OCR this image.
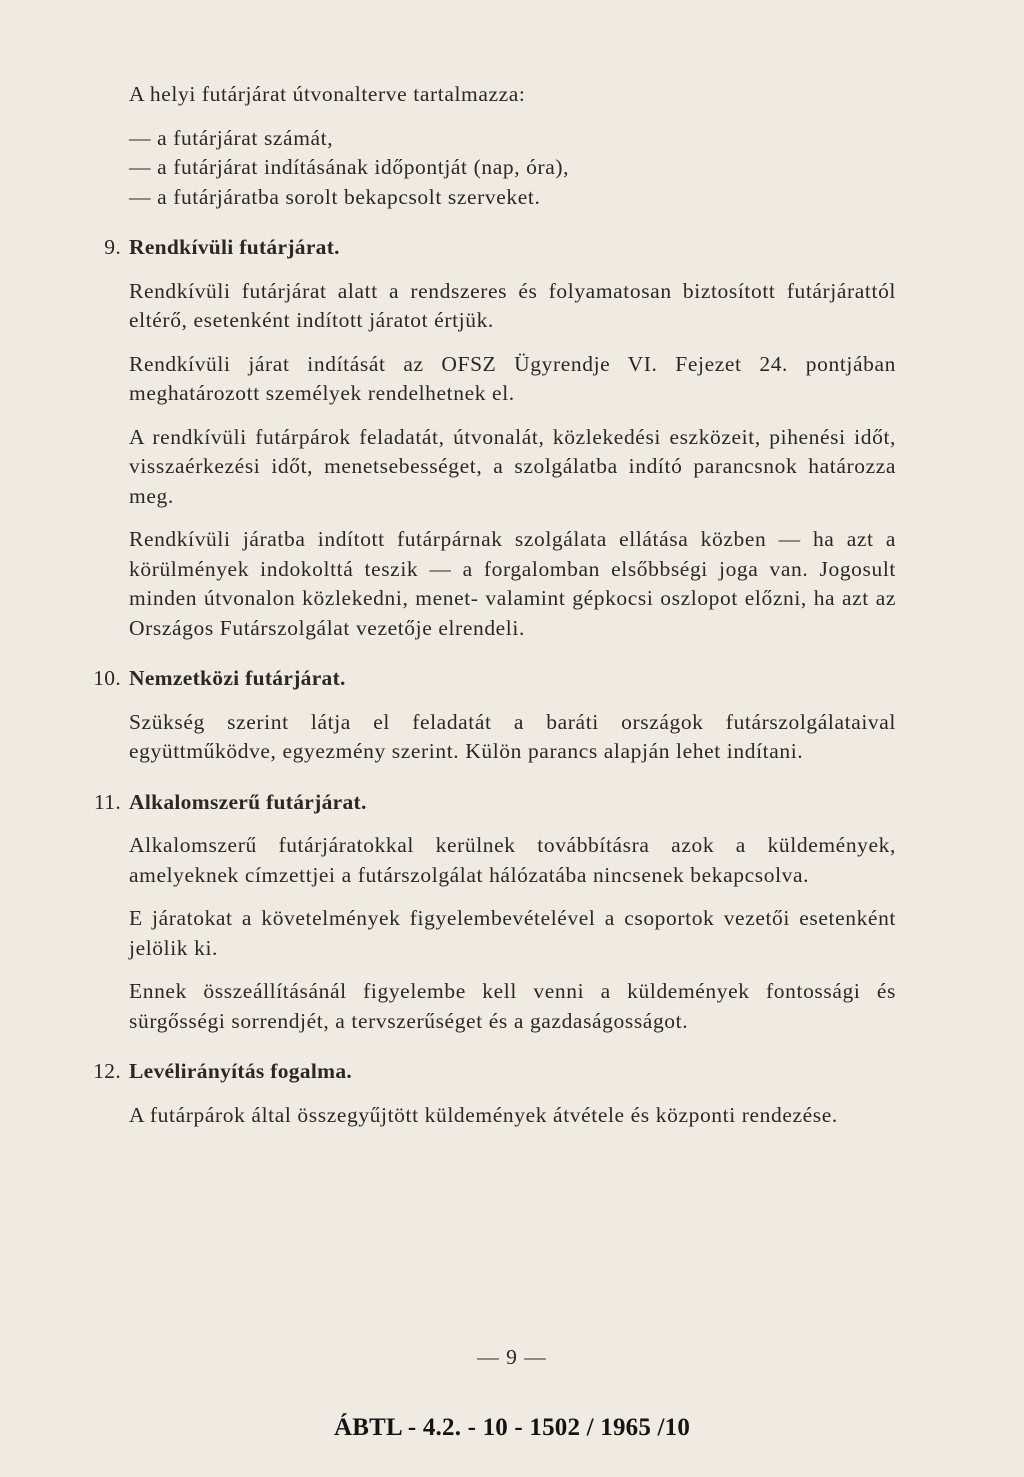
A helyi futárjárat útvonalterve tartalmazza:

— a futárjárat számát,

— a futárjárat indításának időpontját (nap, óra),

— a futárjáratba sorolt bekapcsolt szerveket.

9. Rendkívüli futárjárat.

Rendkívüli futárjárat alatt a rendszeres és folyamatosan biztosított futárjárattól eltérő, esetenként indított járatot értjük.

Rendkívüli járat indítását az OFSZ Ügyrendje VI. Fejezet 24. pontjában meghatározott személyek rendelhetnek el.

A rendkívüli futárpárok feladatát, útvonalát, közlekedési eszközeit, pihenési időt, visszaérkezési időt, menetsebességet, a szolgálatba indító parancsnok határozza meg.

Rendkívüli járatba indított futárpárnak szolgálata ellátása közben — ha azt a körülmények indokolttá teszik — a forgalomban elsőbbségi joga van. Jogosult minden útvonalon közlekedni, menet- valamint gépkocsi oszlopot előzni, ha azt az Országos Futárszolgálat vezetője elrendeli.

10. Nemzetközi futárjárat.

Szükség szerint látja el feladatát a baráti országok futárszolgálataival együttműködve, egyezmény szerint. Külön parancs alapján lehet indítani.

11. Alkalomszerű futárjárat.

Alkalomszerű futárjáratokkal kerülnek továbbításra azok a küldemények, amelyeknek címzettjei a futárszolgálat hálózatába nincsenek bekapcsolva.

E járatokat a követelmények figyelembevételével a csoportok vezetői esetenként jelölik ki.

Ennek összeállításánál figyelembe kell venni a küldemények fontossági és sürgősségi sorrendjét, a tervszerűséget és a gazdaságosságot.

12. Levélirányítás fogalma.

A futárpárok által összegyűjtött küldemények átvétele és központi rendezése.

— 9 —
ÁBTL - 4.2. - 10 - 1502 / 1965 /10
